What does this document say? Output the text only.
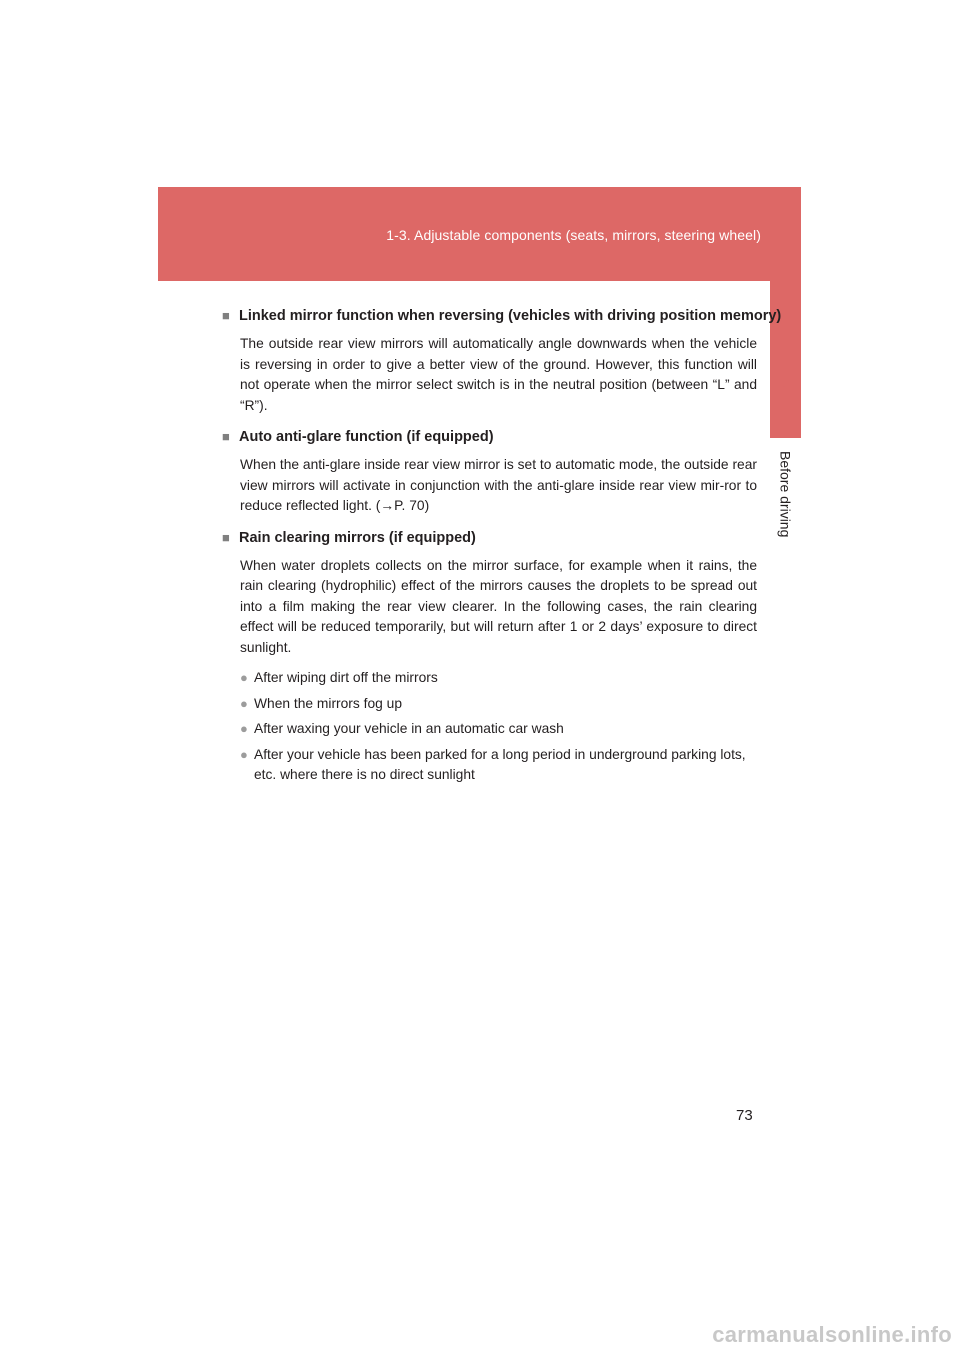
1-3. Adjustable components (seats, mirrors, steering wheel)
1
Before driving

■ Linked mirror function when reversing (vehicles with driving position memory)

The outside rear view mirrors will automatically angle downwards when the vehicle is reversing in order to give a better view of the ground. However, this function will not operate when the mirror select switch is in the neutral position (between “L” and “R”).

■ Auto anti-glare function (if equipped)

When the anti-glare inside rear view mirror is set to automatic mode, the outside rear view mirrors will activate in conjunction with the anti-glare inside rear view mir-ror to reduce reflected light. (→P. 70)

■ Rain clearing mirrors (if equipped)

When water droplets collects on the mirror surface, for example when it rains, the rain clearing (hydrophilic) effect of the mirrors causes the droplets to be spread out into a film making the rear view clearer. In the following cases, the rain clearing effect will be reduced temporarily, but will return after 1 or 2 days’ exposure to direct sunlight.

● After wiping dirt off the mirrors
● When the mirrors fog up
● After waxing your vehicle in an automatic car wash
● After your vehicle has been parked for a long period in underground parking lots, etc. where there is no direct sunlight
73
carmanualsonline.info
